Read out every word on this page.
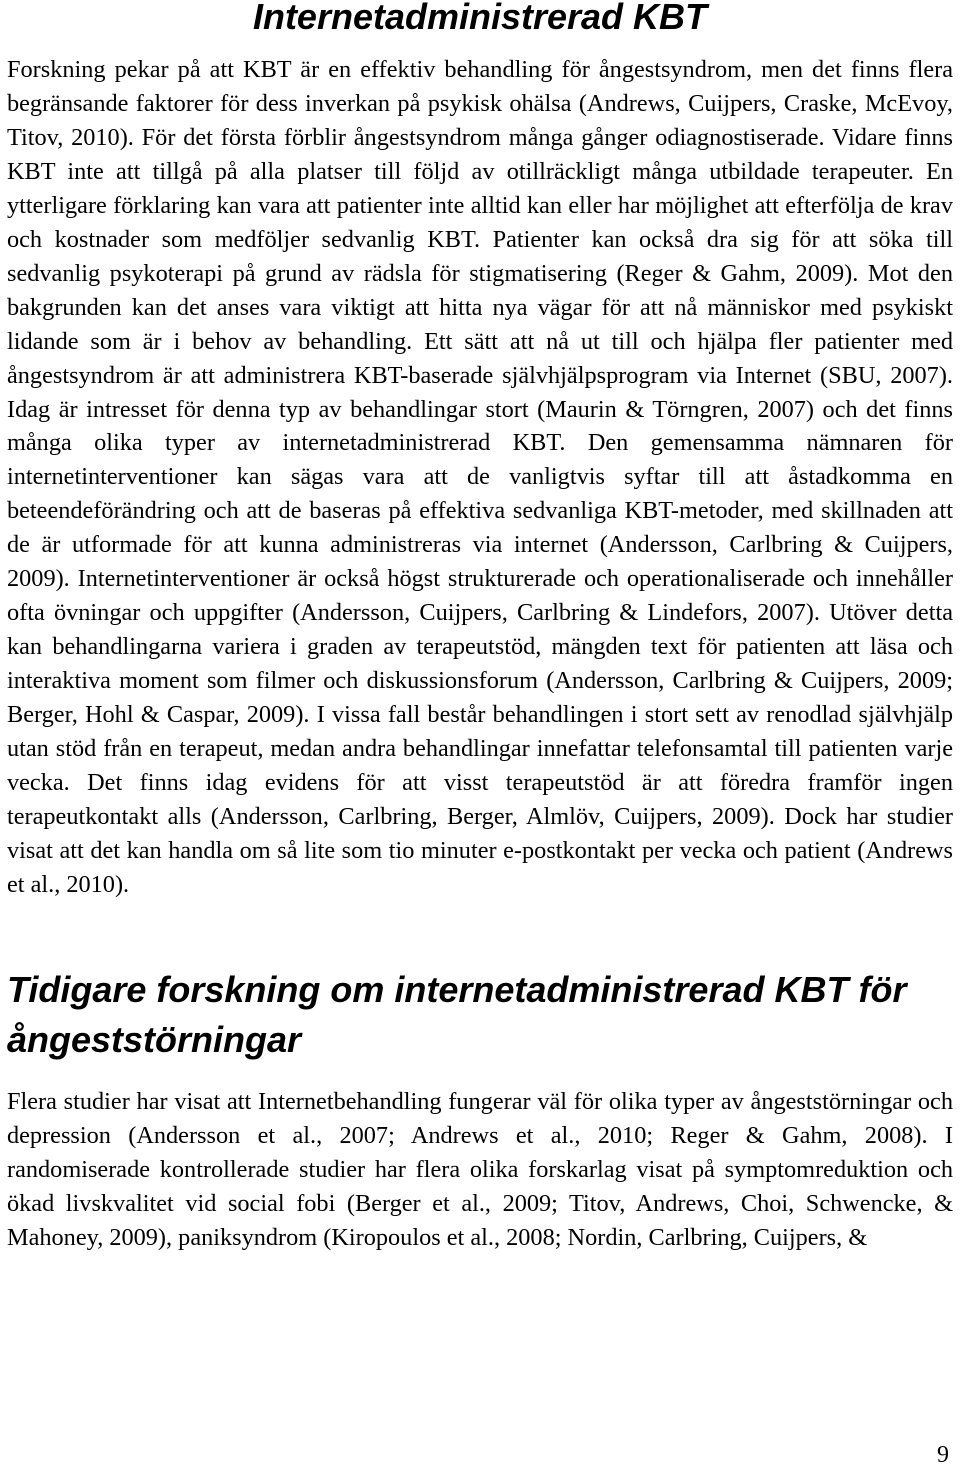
Internetadministrerad KBT

Forskning pekar på att KBT är en effektiv behandling för ångestsyndrom, men det finns flera begränsande faktorer för dess inverkan på psykisk ohälsa (Andrews, Cuijpers, Craske, McEvoy, Titov, 2010). För det första förblir ångestsyndrom många gånger odiagnostiserade. Vidare finns KBT inte att tillgå på alla platser till följd av otillräckligt många utbildade terapeuter. En ytterligare förklaring kan vara att patienter inte alltid kan eller har möjlighet att efterfölja de krav och kostnader som medföljer sedvanlig KBT. Patienter kan också dra sig för att söka till sedvanlig psykoterapi på grund av rädsla för stigmatisering (Reger & Gahm, 2009). Mot den bakgrunden kan det anses vara viktigt att hitta nya vägar för att nå människor med psykiskt lidande som är i behov av behandling. Ett sätt att nå ut till och hjälpa fler patienter med ångestsyndrom är att administrera KBT-baserade självhjälpsprogram via Internet (SBU, 2007). Idag är intresset för denna typ av behandlingar stort (Maurin & Törngren, 2007) och det finns många olika typer av internetadministrerad KBT. Den gemensamma nämnaren för internetinterventioner kan sägas vara att de vanligtvis syftar till att åstadkomma en beteendeförändring och att de baseras på effektiva sedvanliga KBT-metoder, med skillnaden att de är utformade för att kunna administreras via internet (Andersson, Carlbring & Cuijpers, 2009). Internetinterventioner är också högst strukturerade och operationaliserade och innehåller ofta övningar och uppgifter (Andersson, Cuijpers, Carlbring & Lindefors, 2007). Utöver detta kan behandlingarna variera i graden av terapeutstöd, mängden text för patienten att läsa och interaktiva moment som filmer och diskussionsforum (Andersson, Carlbring & Cuijpers, 2009; Berger, Hohl & Caspar, 2009). I vissa fall består behandlingen i stort sett av renodlad självhjälp utan stöd från en terapeut, medan andra behandlingar innefattar telefonsamtal till patienten varje vecka. Det finns idag evidens för att visst terapeutstöd är att föredra framför ingen terapeutkontakt alls (Andersson, Carlbring, Berger, Almlöv, Cuijpers, 2009). Dock har studier visat att det kan handla om så lite som tio minuter e-postkontakt per vecka och patient (Andrews et al., 2010).

Tidigare forskning om internetadministrerad KBT för ångeststörningar

Flera studier har visat att Internetbehandling fungerar väl för olika typer av ångeststörningar och depression (Andersson et al., 2007; Andrews et al., 2010; Reger & Gahm, 2008). I randomiserade kontrollerade studier har flera olika forskarlag visat på symptomreduktion och ökad livskvalitet vid social fobi (Berger et al., 2009; Titov, Andrews, Choi, Schwencke, & Mahoney, 2009), paniksyndrom (Kiropoulos et al., 2008; Nordin, Carlbring, Cuijpers, &

9
